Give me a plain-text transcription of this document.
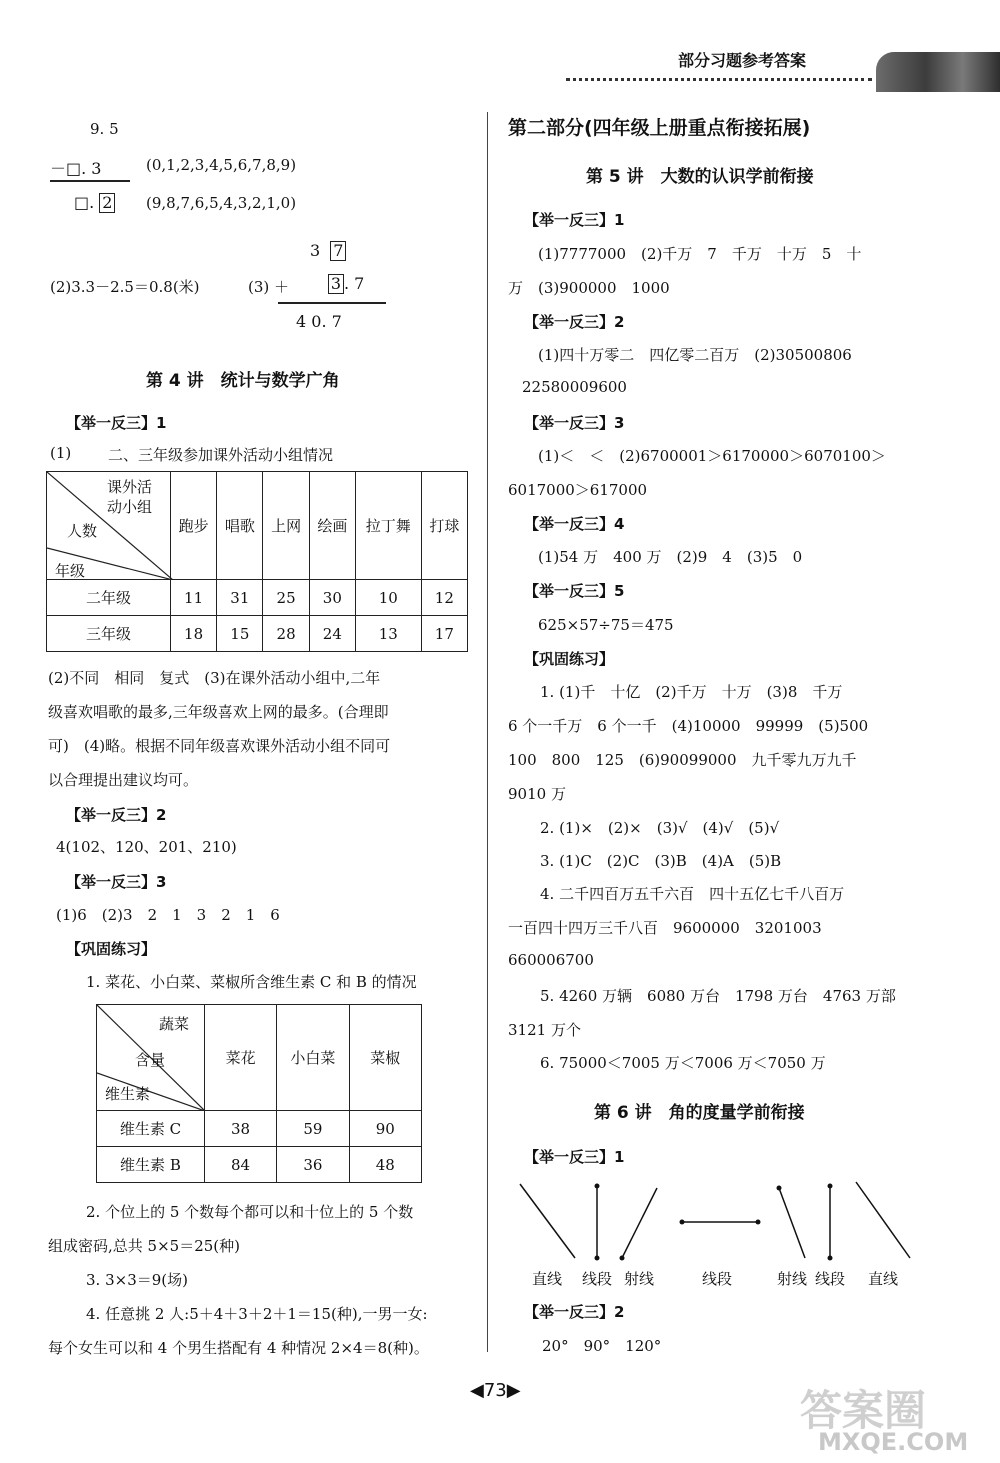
部分习题参考答案
9. 5
－□. 3	(0,1,2,3,4,5,6,7,8,9)
□. 2 (9,8,7,6,5,4,3,2,1,0)
3 7
(2)3.3－2.5＝0.8(米)	(3) ＋	3 . 7
4 0. 7
第 4 讲　统计与数学广角
【举一反三】1
(1) 二、三年级参加课外活动小组情况
课外活
动小组
人数
年级	跑步	唱歌	上网	绘画	拉丁舞	打球
二年级	11	31	25	30	10	12
三年级	18	15	28	24	13	17
(2)不同　相同　复式　(3)在课外活动小组中,二年
级喜欢唱歌的最多,三年级喜欢上网的最多。(合理即
可)　(4)略。根据不同年级喜欢课外活动小组不同可
以合理提出建议均可。
【举一反三】2
4(102、120、201、210)
【举一反三】3
(1)6　(2)3　2　1　3　2　1　6
【巩固练习】
1. 菜花、小白菜、菜椒所含维生素 C 和 B 的情况
蔬菜
含量
维生素	菜花	小白菜	菜椒
维生素 C	38	59	90
维生素 B	84	36	48
2. 个位上的 5 个数每个都可以和十位上的 5 个数
组成密码,总共 5×5＝25(种)
3. 3×3＝9(场)
4. 任意挑 2 人:5＋4＋3＋2＋1＝15(种),一男一女:
每个女生可以和 4 个男生搭配有 4 种情况 2×4＝8(种)。
第二部分(四年级上册重点衔接拓展)
第 5 讲　大数的认识学前衔接
【举一反三】1
(1)7777000　(2)千万　7　千万　十万　5　十
万　(3)900000　1000
【举一反三】2
(1)四十万零二　四亿零二百万　(2)30500806
22580009600
【举一反三】3
(1)＜　＜　(2)6700001＞6170000＞6070100＞
6017000＞617000
【举一反三】4
(1)54 万　400 万　(2)9　4　(3)5　0
【举一反三】5
625×57÷75＝475
【巩固练习】
1. (1)千　十亿　(2)千万　十万　(3)8　千万
6 个一千万　6 个一千　(4)10000　99999　(5)500
100　800　125　(6)90099000　九千零九万九千
9010 万
2. (1)×　(2)×　(3)√　(4)√　(5)√
3. (1)C　(2)C　(3)B　(4)A　(5)B
4. 二千四百万五千六百　四十五亿七千八百万
一百四十四万三千八百　9600000　3201003
660006700
5. 4260 万辆　6080 万台　1798 万台　4763 万部
3121 万个
6. 75000＜7005 万＜7006 万＜7050 万
第 6 讲　角的度量学前衔接
【举一反三】1
直线 线段 射线	线段	射线 线段 直线
【举一反三】2
20°　90°　120°
◀73▶	答案圈
MXQE.COM
